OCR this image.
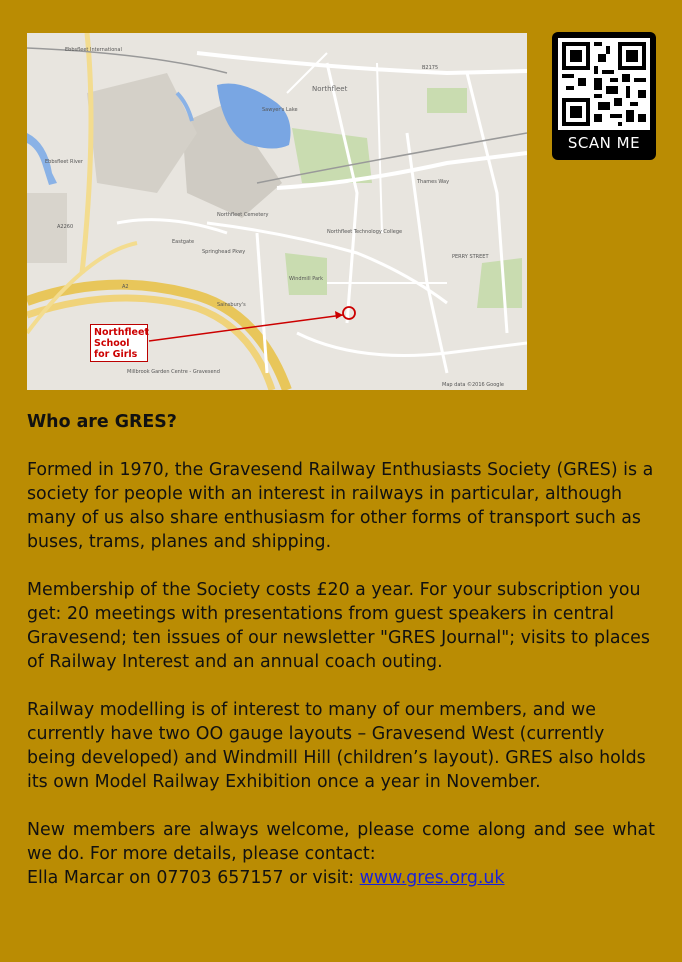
Ebbsfleet International
Northfleet
Sawyer's Lake
Ebbsfleet River
Northfleet Cemetery
Northfleet Technology College
Eastgate
Springhead Pkwy
Sainsbury's
Windmill Park
PERRY STREET
Millbrook Garden Centre - Gravesend
Thames Way
A2
A2260
B2175
Map data ©2016 Google
Northfleet School for Girls
SCAN ME

Who are GRES?

Formed in 1970, the Gravesend Railway Enthusiasts Society (GRES) is a society for people with an interest in railways in particular, although many of us also share enthusiasm for other forms of transport such as buses, trams, planes and shipping.

Membership of the Society costs £20 a year. For your subscription you get: 20 meetings with presentations from guest speakers in central Gravesend; ten issues of our newsletter "GRES Journal"; visits to places of Railway Interest and an annual coach outing.

Railway modelling is of interest to many of our members, and we currently have two OO gauge layouts – Gravesend West (currently being developed) and Windmill Hill (children’s layout). GRES also holds its own Model Railway Exhibition once a year in November.

New members are always welcome, please come along and see what we do. For more details, please contact:
Ella Marcar on 07703 657157 or visit: www.gres.org.uk
